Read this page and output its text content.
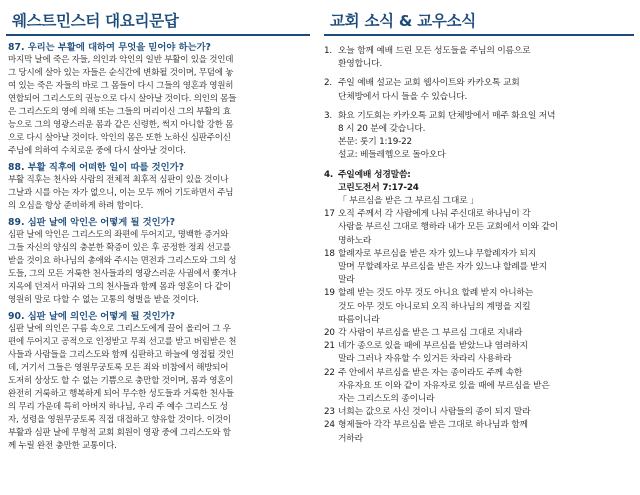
웨스트민스터 대요리문답
87. 우리는 부활에 대하여 무엇을 믿어야 하는가?
마지막 날에 죽은 자들, 의인과 악인의 일반 부활이 있을 것인데
그 당시에 살아 있는 자들은 순식간에 변화될 것이며, 무덤에 놓
여 있는 죽은 자들의 바로 그 몸들이 다시 그들의 영혼과 영원히
연합되어 그리스도의 권능으로 다시 살아날 것이다. 의인의 몸들
은 그리스도의 영에 의해 또는 그들의 머리이신 그의 부활의 효
능으로 그의 영광스러운 몸과 같은 신령한, 썩지 아니할 강한 몸
으로 다시 살아날 것이다. 악인의 몸은 또한 노하신 심판주이신
주님에 의하여 수치로운 중에 다시 살아날 것이다.
88. 부활 직후에 어떠한 일이 따를 것인가?
부활 직후는 천사와 사람의 전체적 최후적 심판이 있을 것이나
그날과 시를 아는 자가 없으니, 이는 모두 깨어 기도하면서 주님
의 오심을 항상 준비하게 하려 함이다.
89. 심판 날에 악인은 어떻게 될 것인가?
심판 날에 악인은 그리스도의 좌편에 두어지고, 명백한 증거와
그들 자신의 양심의 충분한 확증이 있은 후 공정한 정죄 선고를
받을 것이요 하나님의 총애와 주시는 면전과 그리스도와 그의 성
도들, 그의 모든 거룩한 천사들과의 영광스러운 사귐에서 쫓겨나
지옥에 던져서 마귀와 그의 천사들과 함께 몸과 영혼이 다 같이
영원히 말로 다할 수 없는 고통의 형벌을 받을 것이다.
90. 심판 날에 의인은 어떻게 될 것인가?
심판 날에 의인은 구름 속으로 그리스도에게 끌어 올리어 그 우
편에 두어지고 공적으로 인정받고 무죄 선고를 받고 버림받은 천
사들과 사람들을 그리스도와 함께 심판하고 하늘에 영접될 것인
데, 거기서 그들은 영원무궁토록 모든 죄와 비참에서 해방되어
도저히 상상도 할 수 없는 기쁨으로 충만할 것이며, 몸과 영혼이
완전히 거룩하고 행복하게 되어 무수한 성도들과 거룩한 천사들
의 무리 가운데 특히 아버지 하나님, 우리 주 예수 그리스도 성
자, 성령을 영원무궁토록 직접 대접하고 향유할 것이다. 이것이
부활과 심판 날에 무형적 교회 회원이 영광 중에 그리스도와 함
께 누릴 완전 충만한 교통이다.
교회 소식 & 교우소식
1. 오늘 함께 예배 드린 모든 성도들을 주님의 이름으로
환영합니다.
2. 주일 예배 설교는 교회 웹사이트와 카카오톡 교회
단체방에서 다시 들을 수 있습니다.
3. 화요 기도회는 카카오톡 교회 단체방에서 매주 화요일 저녁
8 시 20 분에 갖습니다.
본문: 룻기 1:19-22
설교: 베들레헴으로 돌아오다
4. 주일예배 성경말씀:
고린도전서 7:17-24
「 부르심을 받은 그 부르심 그대로 」
17 오직 주께서 각 사람에게 나눠 주신대로 하나님이 각
사람을 부르신 그대로 행하라 내가 모든 교회에서 이와 같이
명하노라
18 할례자로 부르심을 받은 자가 있느냐 무할례자가 되지
말며 무할례자로 부르심을 받은 자가 있느냐 할례를 받지
말라
19 할례 받는 것도 아무 것도 아니요 할례 받지 아니하는
것도 아무 것도 아니로되 오직 하나님의 계명을 지킬
따름이니라
20 각 사람이 부르심을 받은 그 부르심 그대로 지내라
21 네가 종으로 있을 때에 부르심을 받았느냐 염려하지
말라 그러나 자유할 수 있거든 차라리 사용하라
22 주 안에서 부르심을 받은 자는 종이라도 주께 속한
자유자요 또 이와 같이 자유자로 있을 때에 부르심을 받은
자는 그리스도의 종이니라
23 너희는 값으로 사신 것이니 사람들의 종이 되지 말라
24 형제들아 각각 부르심을 받은 그대로 하나님과 함께
거하라
